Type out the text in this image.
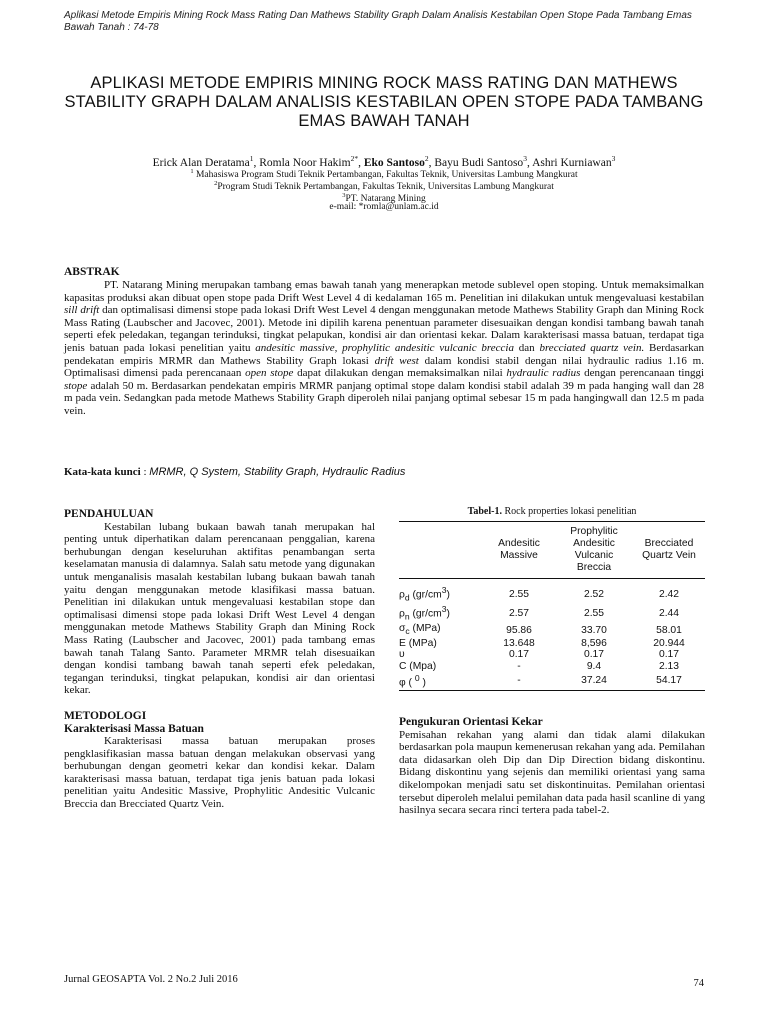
Aplikasi Metode Empiris Mining Rock Mass Rating Dan Mathews Stability Graph Dalam Analisis Kestabilan Open Stope Pada Tambang Emas Bawah Tanah : 74-78
APLIKASI METODE EMPIRIS MINING ROCK MASS RATING DAN MATHEWS STABILITY GRAPH DALAM ANALISIS KESTABILAN OPEN STOPE PADA TAMBANG EMAS BAWAH TANAH
Erick Alan Deratama$^1$, Romla Noor Hakim$^{2*}$, Eko Santoso$^2$, Bayu Budi Santoso$^3$, Ashri Kurniawan$^3$
$^1$ Mahasiswa Program Studi Teknik Pertambangan, Fakultas Teknik, Universitas Lambung Mangkurat
$^2$Program Studi Teknik Pertambangan, Fakultas Teknik, Universitas Lambung Mangkurat
$^3$PT. Natarang Mining
e-mail: *romla@unlam.ac.id
ABSTRAK
PT. Natarang Mining merupakan tambang emas bawah tanah yang menerapkan metode sublevel open stoping. Untuk memaksimalkan kapasitas produksi akan dibuat open stope pada Drift West Level 4 di kedalaman 165 m. Penelitian ini dilakukan untuk mengevaluasi kestabilan sill drift dan optimalisasi dimensi stope pada lokasi Drift West Level 4 dengan menggunakan metode Mathews Stability Graph dan Mining Rock Mass Rating (Laubscher and Jacovec, 2001). Metode ini dipilih karena penentuan parameter disesuaikan dengan kondisi tambang bawah tanah seperti efek peledakan, tegangan terinduksi, tingkat pelapukan, kondisi air dan orientasi kekar. Dalam karakterisasi massa batuan, terdapat tiga jenis batuan pada lokasi penelitian yaitu andesitic massive, prophylitic andesitic vulcanic breccia dan brecciated quartz vein. Berdasarkan pendekatan empiris MRMR dan Mathews Stability Graph lokasi drift west dalam kondisi stabil dengan nilai hydraulic radius 1.16 m. Optimalisasi dimensi pada perencanaan open stope dapat dilakukan dengan memaksimalkan nilai hydraulic radius dengan perencanaan tinggi stope adalah 50 m. Berdasarkan pendekatan empiris MRMR panjang optimal stope dalam kondisi stabil adalah 39 m pada hanging wall dan 28 m pada vein. Sedangkan pada metode Mathews Stability Graph diperoleh nilai panjang optimal sebesar 15 m pada hangingwall dan 12.5 m pada vein.
Kata-kata kunci : MRMR, Q System, Stability Graph, Hydraulic Radius

PENDAHULUAN

Kestabilan lubang bukaan bawah tanah merupakan hal penting untuk diperhatikan dalam perencanaan penggalian, karena berhubungan dengan keseluruhan aktifitas penambangan serta keselamatan manusia di dalamnya. Salah satu metode yang digunakan untuk menganalisis masalah kestabilan lubang bukaan bawah tanah yaitu dengan menggunakan metode klasifikasi massa batuan. Penelitian ini dilakukan untuk mengevaluasi kestabilan stope dan optimalisasi dimensi stope pada lokasi Drift West Level 4 dengan menggunakan metode Mathews Stability Graph dan Mining Rock Mass Rating (Laubscher and Jacovec, 2001) pada tambang emas bawah tanah Talang Santo. Parameter MRMR telah disesuaikan dengan kondisi tambang bawah tanah seperti efek peledakan, tegangan terinduksi, tingkat pelapukan, kondisi air dan orientasi kekar.

METODOLOGI

Karakterisasi Massa Batuan

Karakterisasi massa batuan merupakan proses pengklasifikasian massa batuan dengan melakukan observasi yang berhubungan dengan geometri kekar dan kondisi kekar. Dalam karakterisasi massa batuan, terdapat tiga jenis batuan pada lokasi penelitian yaitu Andesitic Massive, Prophylitic Andesitic Vulcanic Breccia dan Brecciated Quartz Vein.

Tabel-1. Rock properties lokasi penelitian
	Andesitic Massive	Prophylitic Andesitic Vulcanic Breccia	Brecciated Quartz Vein
$\rho_d$ $(gr/cm^3)$	2.55	2.52	2.42
$\rho_n$ $(gr/cm^3)$	2.57	2.55	2.44
$\sigma_c$ (MPa)	95.86	33.70	58.01
E (MPa)	13.648	8,596	20.944
υ	0.17	0.17	0.17
C (Mpa)	-	9.4	2.13
φ ( $^0$ )	-	37.24	54.17

Pengukuran Orientasi Kekar

Pemisahan rekahan yang alami dan tidak alami dilakukan berdasarkan pola maupun kemenerusan rekahan yang ada. Pemilahan data didasarkan oleh Dip dan Dip Direction bidang diskontinu. Bidang diskontinu yang sejenis dan memiliki orientasi yang sama dikelompokan menjadi satu set diskontinuitas. Pemilahan orientasi tersebut diperoleh melalui pemilahan data pada hasil scanline di yang hasilnya secara secara rinci tertera pada tabel-2.

Jurnal GEOSAPTA Vol. 2 No.2 Juli 2016	74
